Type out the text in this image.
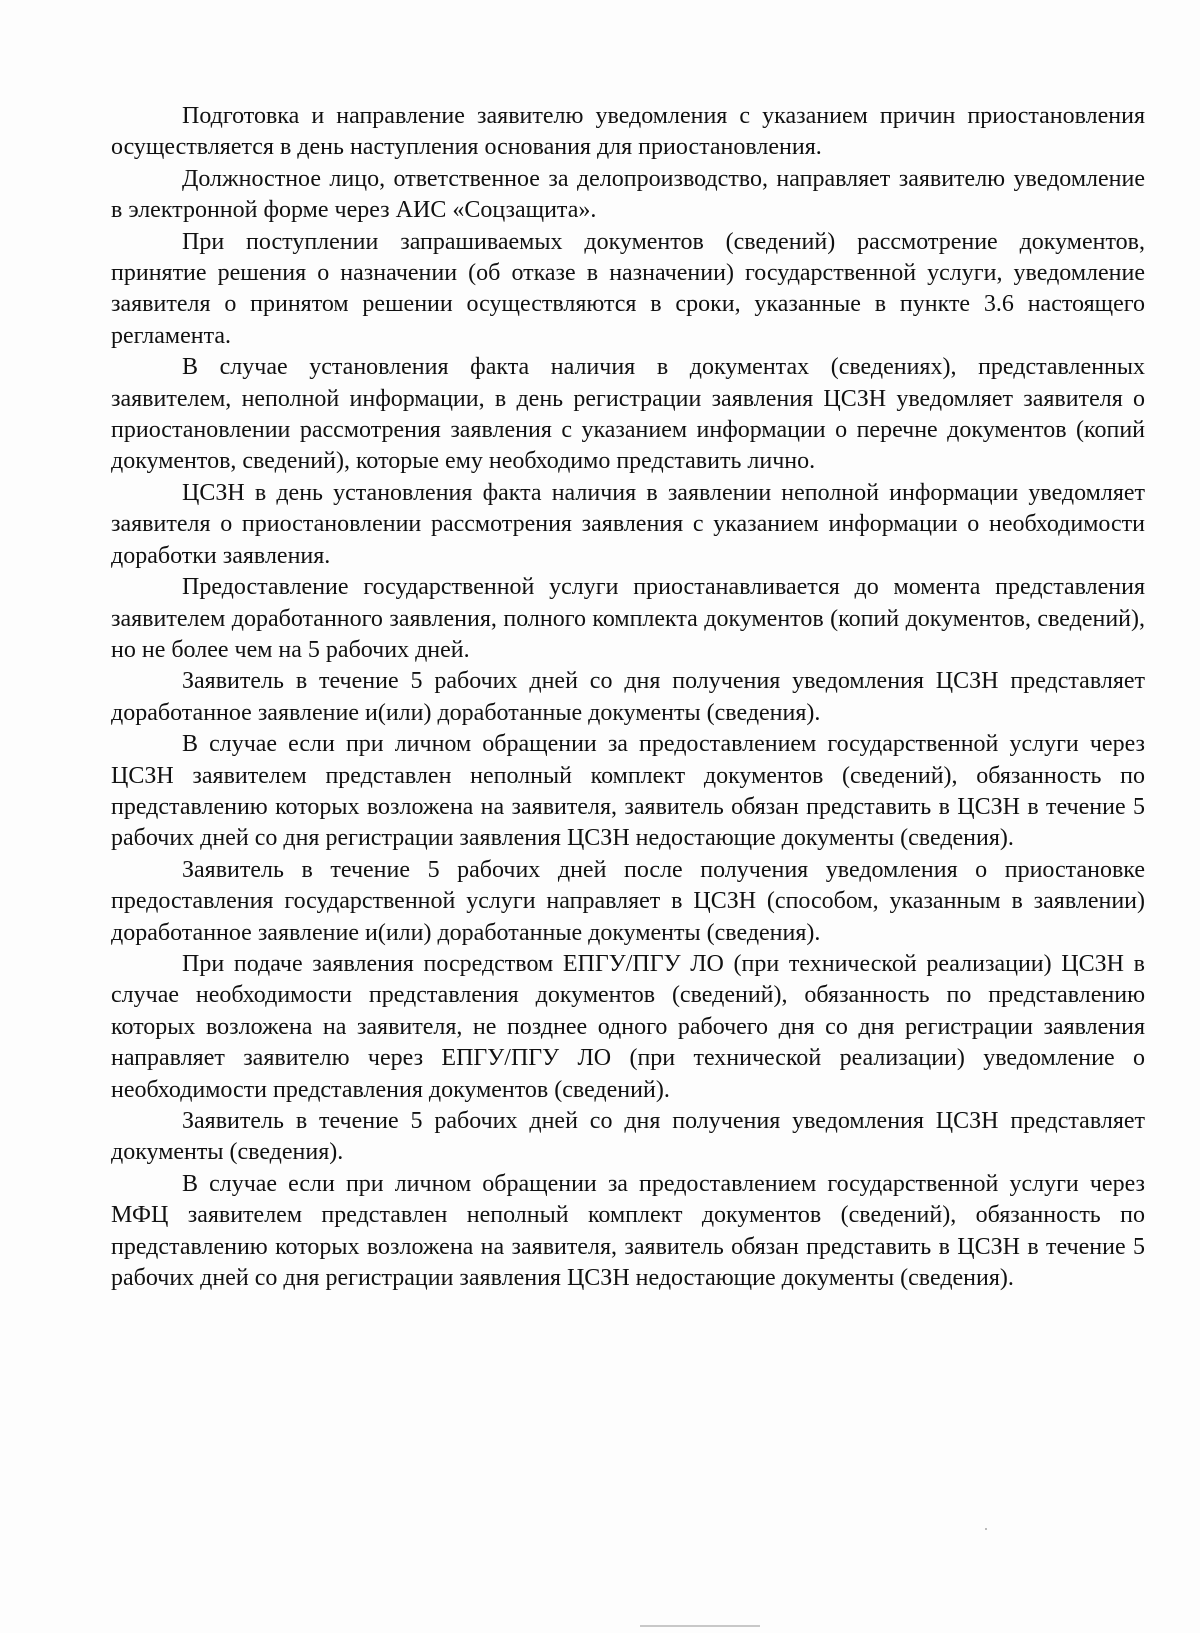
Подготовка и направление заявителю уведомления с указанием причин приостановления осуществляется в день наступления основания для приостановления.

Должностное лицо, ответственное за делопроизводство, направляет заявителю уведомление в электронной форме через АИС «Соцзащита».

При поступлении запрашиваемых документов (сведений) рассмотрение документов, принятие решения о назначении (об отказе в назначении) государственной услуги, уведомление заявителя о принятом решении осуществляются в сроки, указанные в пункте 3.6 настоящего регламента.

В случае установления факта наличия в документах (сведениях), представленных заявителем, неполной информации, в день регистрации заявления ЦСЗН уведомляет заявителя о приостановлении рассмотрения заявления с указанием информации о перечне документов (копий документов, сведений), которые ему необходимо представить лично.

ЦСЗН в день установления факта наличия в заявлении неполной информации уведомляет заявителя о приостановлении рассмотрения заявления с указанием информации о необходимости доработки заявления.

Предоставление государственной услуги приостанавливается до момента представления заявителем доработанного заявления, полного комплекта документов (копий документов, сведений), но не более чем на 5 рабочих дней.

Заявитель в течение 5 рабочих дней со дня получения уведомления ЦСЗН представляет доработанное заявление и(или) доработанные документы (сведения).

В случае если при личном обращении за предоставлением государственной услуги через ЦСЗН заявителем представлен неполный комплект документов (сведений), обязанность по представлению которых возложена на заявителя, заявитель обязан представить в ЦСЗН в течение 5 рабочих дней со дня регистрации заявления ЦСЗН недостающие документы (сведения).

Заявитель в течение 5 рабочих дней после получения уведомления о приостановке предоставления государственной услуги направляет в ЦСЗН (способом, указанным в заявлении) доработанное заявление и(или) доработанные документы (сведения).

При подаче заявления посредством ЕПГУ/ПГУ ЛО (при технической реализации) ЦСЗН в случае необходимости представления документов (сведений), обязанность по представлению которых возложена на заявителя, не позднее одного рабочего дня со дня регистрации заявления направляет заявителю через ЕПГУ/ПГУ ЛО (при технической реализации) уведомление о необходимости представления документов (сведений).

Заявитель в течение 5 рабочих дней со дня получения уведомления ЦСЗН представляет документы (сведения).

В случае если при личном обращении за предоставлением государственной услуги через МФЦ заявителем представлен неполный комплект документов (сведений), обязанность по представлению которых возложена на заявителя, заявитель обязан представить в ЦСЗН в течение 5 рабочих дней со дня регистрации заявления ЦСЗН недостающие документы (сведения).
